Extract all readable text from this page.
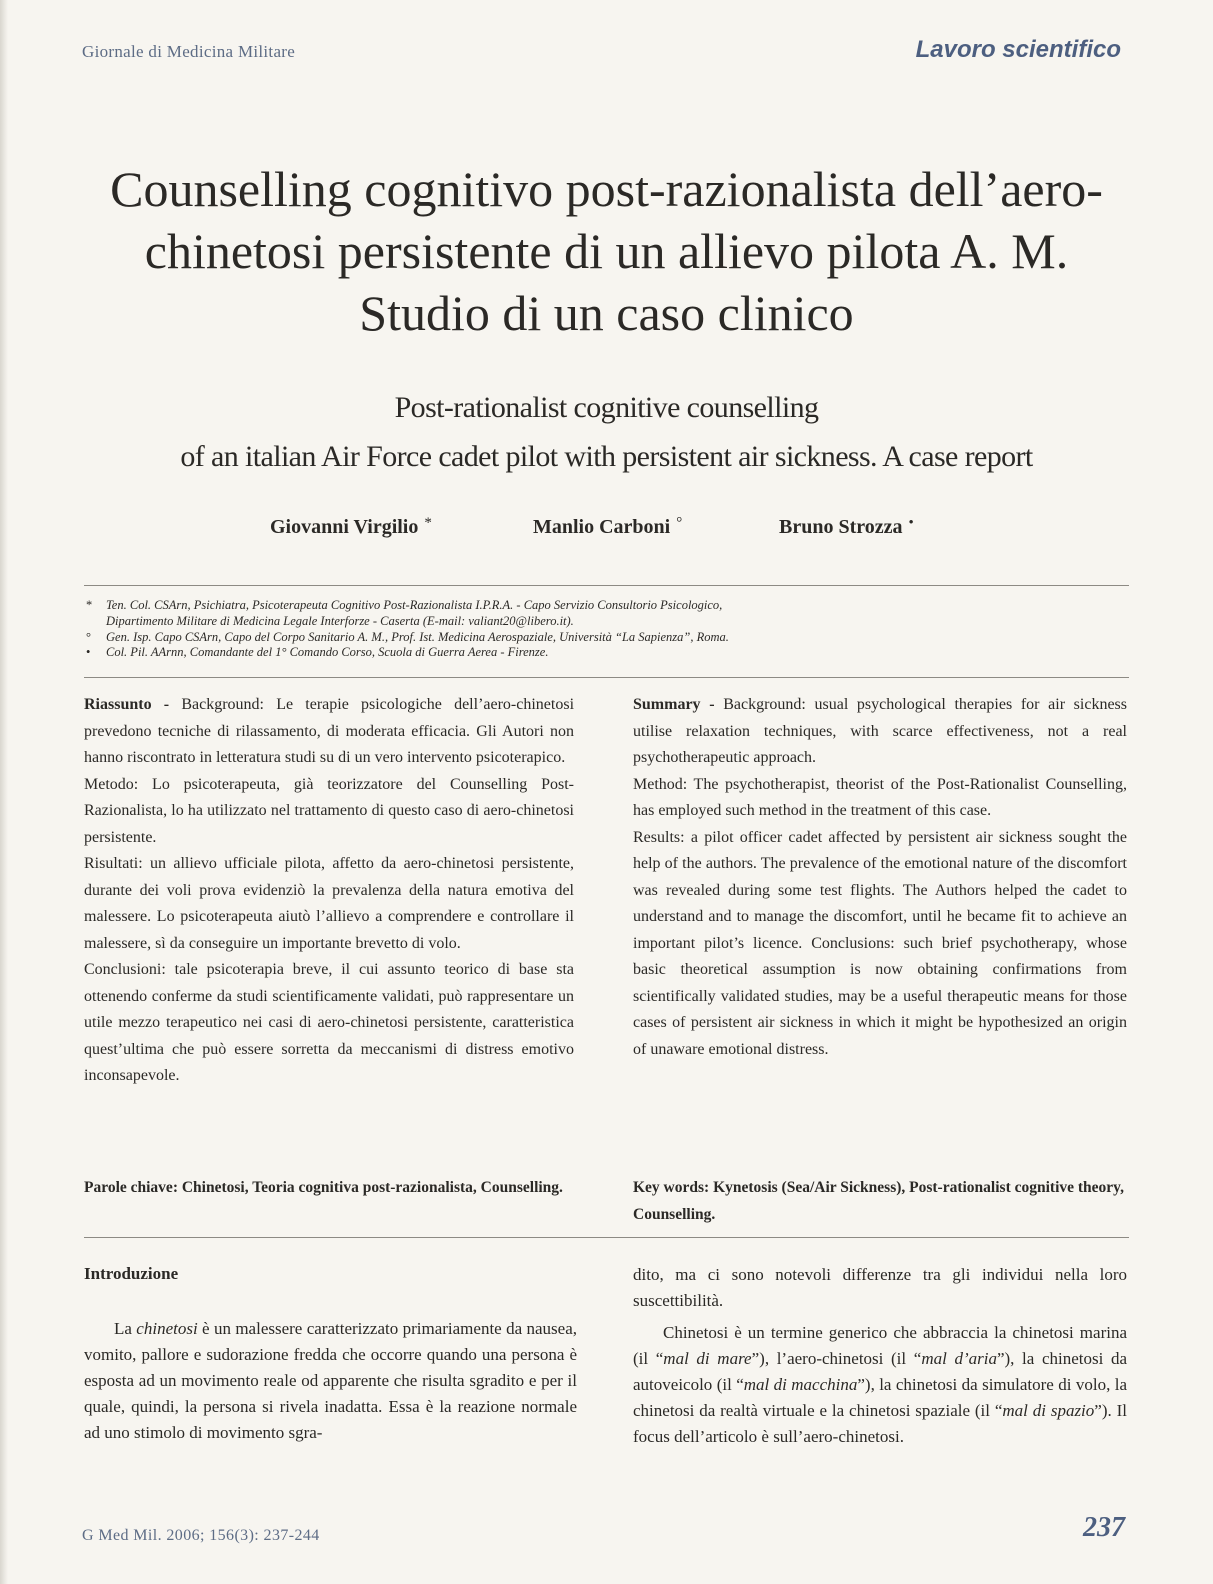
Giornale di Medicina Militare	Lavoro scientifico
Counselling cognitivo post-razionalista dell’aero-
chinetosi persistente di un allievo pilota A. M.
Studio di un caso clinico
Post-rationalist cognitive counselling
of an italian Air Force cadet pilot with persistent air sickness. A case report
Giovanni Virgilio *	Manlio Carboni °	Bruno Strozza •
* Ten. Col. CSArn, Psichiatra, Psicoterapeuta Cognitivo Post-Razionalista I.P.R.A. - Capo Servizio Consultorio Psicologico,
Dipartimento Militare di Medicina Legale Interforze - Caserta (E-mail: valiant20@libero.it).
° Gen. Isp. Capo CSArn, Capo del Corpo Sanitario A. M., Prof. Ist. Medicina Aerospaziale, Università “La Sapienza”, Roma.
• Col. Pil. AArnn, Comandante del 1° Comando Corso, Scuola di Guerra Aerea - Firenze.

Riassunto - Background: Le terapie psicologiche dell’aero-chinetosi prevedono tecniche di rilassamento, di moderata efficacia. Gli Autori non hanno riscontrato in letteratura studi su di un vero intervento psicoterapico.

Metodo: Lo psicoterapeuta, già teorizzatore del Counselling Post-Razionalista, lo ha utilizzato nel trattamento di questo caso di aero-chinetosi persistente.

Risultati: un allievo ufficiale pilota, affetto da aero-chinetosi persistente, durante dei voli prova evidenziò la prevalenza della natura emotiva del malessere. Lo psicoterapeuta aiutò l’allievo a comprendere e controllare il malessere, sì da conseguire un importante brevetto di volo.

Conclusioni: tale psicoterapia breve, il cui assunto teorico di base sta ottenendo conferme da studi scientificamente validati, può rappresentare un utile mezzo terapeutico nei casi di aero-chinetosi persistente, caratteristica quest’ultima che può essere sorretta da meccanismi di distress emotivo inconsapevole.

Summary - Background: usual psychological therapies for air sickness utilise relaxation techniques, with scarce effectiveness, not a real psychotherapeutic approach.

Method: The psychotherapist, theorist of the Post-Rationalist Counselling, has employed such method in the treatment of this case.

Results: a pilot officer cadet affected by persistent air sickness sought the help of the authors. The prevalence of the emotional nature of the discomfort was revealed during some test flights. The Authors helped the cadet to understand and to manage the discomfort, until he became fit to achieve an important pilot’s licence. Conclusions: such brief psychotherapy, whose basic theoretical assumption is now obtaining confirmations from scientifically validated studies, may be a useful therapeutic means for those cases of persistent air sickness in which it might be hypothesized an origin of unaware emotional distress.

Parole chiave: Chinetosi, Teoria cognitiva post-razionalista, Counselling.	Key words: Kynetosis (Sea/Air Sickness), Post-rationalist cognitive theory, Counselling.
Introduzione

La chinetosi è un malessere caratterizzato primariamente da nausea, vomito, pallore e sudorazione fredda che occorre quando una persona è esposta ad un movimento reale od apparente che risulta sgradito e per il quale, quindi, la persona si rivela inadatta. Essa è la reazione normale ad uno stimolo di movimento sgra-

dito, ma ci sono notevoli differenze tra gli individui nella loro suscettibilità.

Chinetosi è un termine generico che abbraccia la chinetosi marina (il “mal di mare”), l’aero-chinetosi (il “mal d’aria”), la chinetosi da autoveicolo (il “mal di macchina”), la chinetosi da simulatore di volo, la chinetosi da realtà virtuale e la chinetosi spaziale (il “mal di spazio”). Il focus dell’articolo è sull’aero-chinetosi.

G Med Mil. 2006; 156(3): 237-244	237
